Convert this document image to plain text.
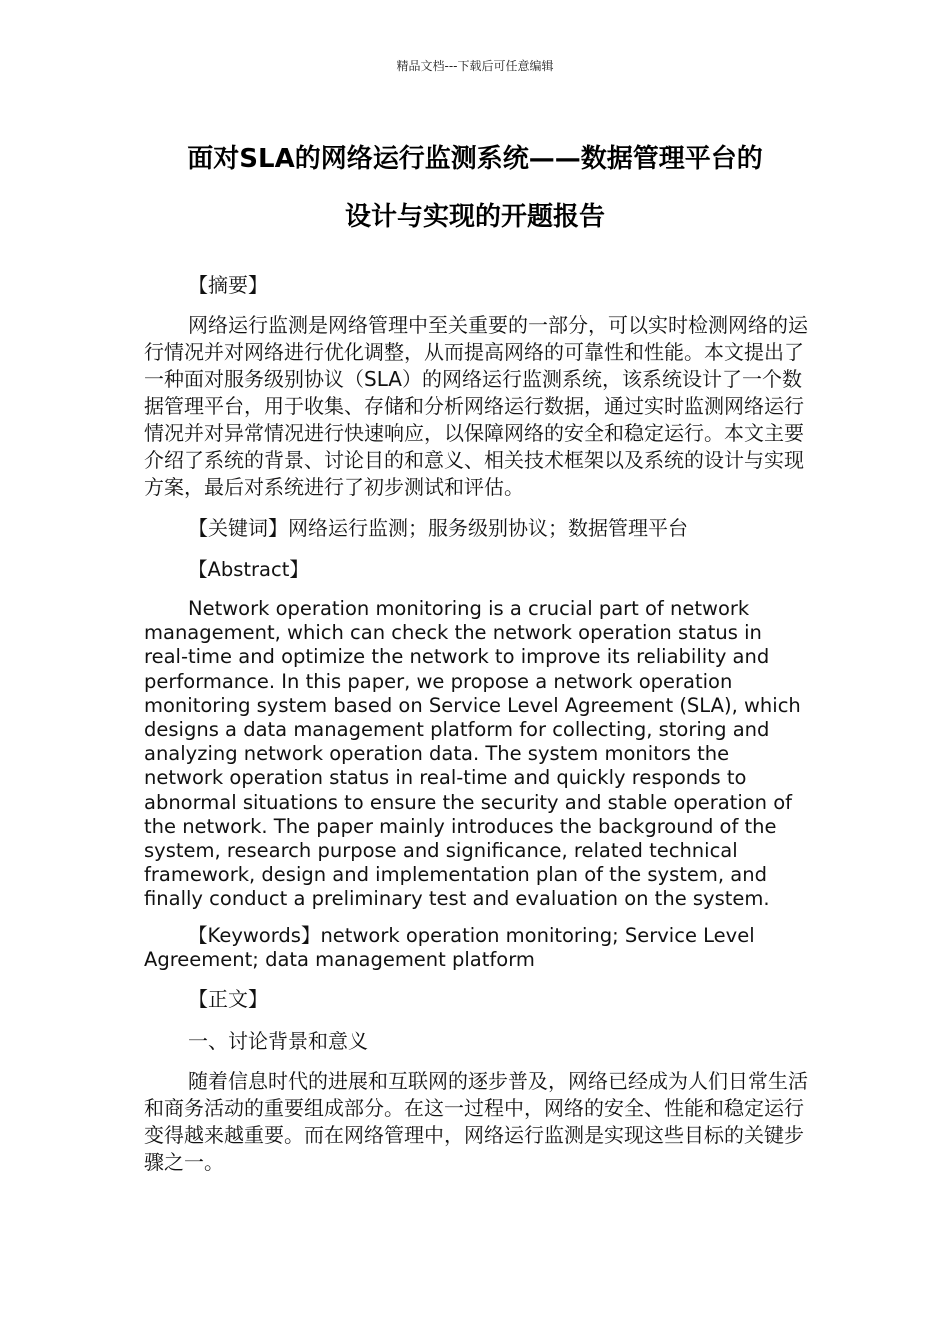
精品文档---下载后可任意编辑
面对SLA的网络运行监测系统——数据管理平台的
设计与实现的开题报告
【摘要】

网络运行监测是网络管理中至关重要的一部分，可以实时检测网络的运行情况并对网络进行优化调整，从而提高网络的可靠性和性能。本文提出了一种面对服务级别协议（SLA）的网络运行监测系统，该系统设计了一个数据管理平台，用于收集、存储和分析网络运行数据，通过实时监测网络运行情况并对异常情况进行快速响应，以保障网络的安全和稳定运行。本文主要介绍了系统的背景、讨论目的和意义、相关技术框架以及系统的设计与实现方案，最后对系统进行了初步测试和评估。

【关键词】网络运行监测；服务级别协议；数据管理平台
【Abstract】

Network operation monitoring is a crucial part of network management, which can check the network operation status in real-time and optimize the network to improve its reliability and performance. In this paper, we propose a network operation monitoring system based on Service Level Agreement (SLA), which designs a data management platform for collecting, storing and analyzing network operation data. The system monitors the network operation status in real-time and quickly responds to abnormal situations to ensure the security and stable operation of the network. The paper mainly introduces the background of the system, research purpose and significance, related technical framework, design and implementation plan of the system, and finally conduct a preliminary test and evaluation on the system.

【Keywords】network operation monitoring; Service Level Agreement; data management platform

【正文】
一、讨论背景和意义

随着信息时代的进展和互联网的逐步普及，网络已经成为人们日常生活和商务活动的重要组成部分。在这一过程中，网络的安全、性能和稳定运行变得越来越重要。而在网络管理中，网络运行监测是实现这些目标的关键步骤之一。
